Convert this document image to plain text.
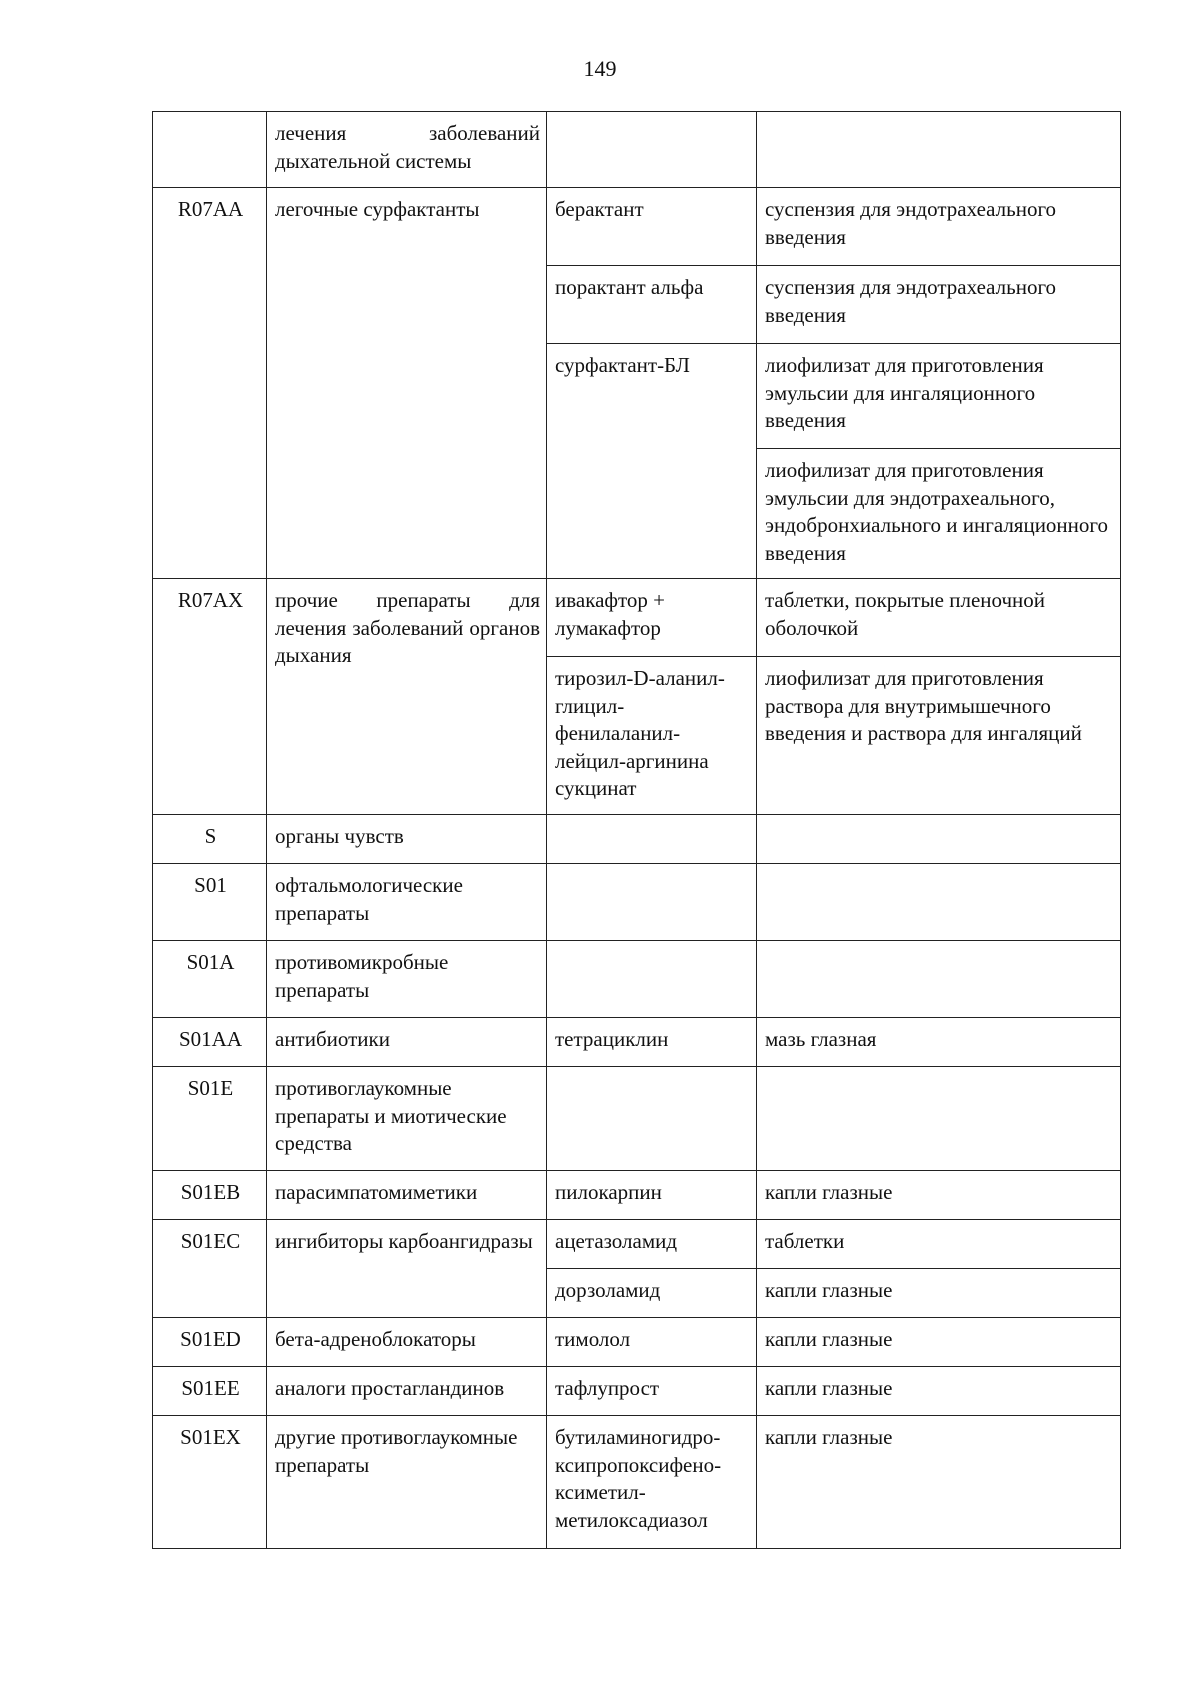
149
	лечения заболеваний дыхательной системы		
R07AA	легочные сурфактанты	берактант	суспензия для эндотрахеального введения
		порактант альфа	суспензия для эндотрахеального введения
		сурфактант-БЛ	лиофилизат для приготовления эмульсии для ингаляционного введения
			лиофилизат для приготовления эмульсии для эндотрахеального, эндобронхиального и ингаляционного введения
R07AX	прочие препараты для лечения заболеваний органов дыхания	ивакафтор + лумакафтор	таблетки, покрытые пленочной оболочкой
		тирозил-D-аланил-
глицил-
фенилаланил-
лейцил-аргинина
сукцинат	лиофилизат для приготовления раствора для внутримышечного введения и раствора для ингаляций
S	органы чувств		
S01	офтальмологические препараты		
S01A	противомикробные препараты		
S01AA	антибиотики	тетрациклин	мазь глазная
S01E	противоглаукомные препараты и миотические средства		
S01EB	парасимпатомиметики	пилокарпин	капли глазные
S01EC	ингибиторы карбоангидразы	ацетазоламид	таблетки
		дорзоламид	капли глазные
S01ED	бета-адреноблокаторы	тимолол	капли глазные
S01EE	аналоги простагландинов	тафлупрост	капли глазные
S01EX	другие противоглаукомные препараты	бутиламиногидро-
ксипропоксифено-
ксиметил-
метилоксадиазол	капли глазные
